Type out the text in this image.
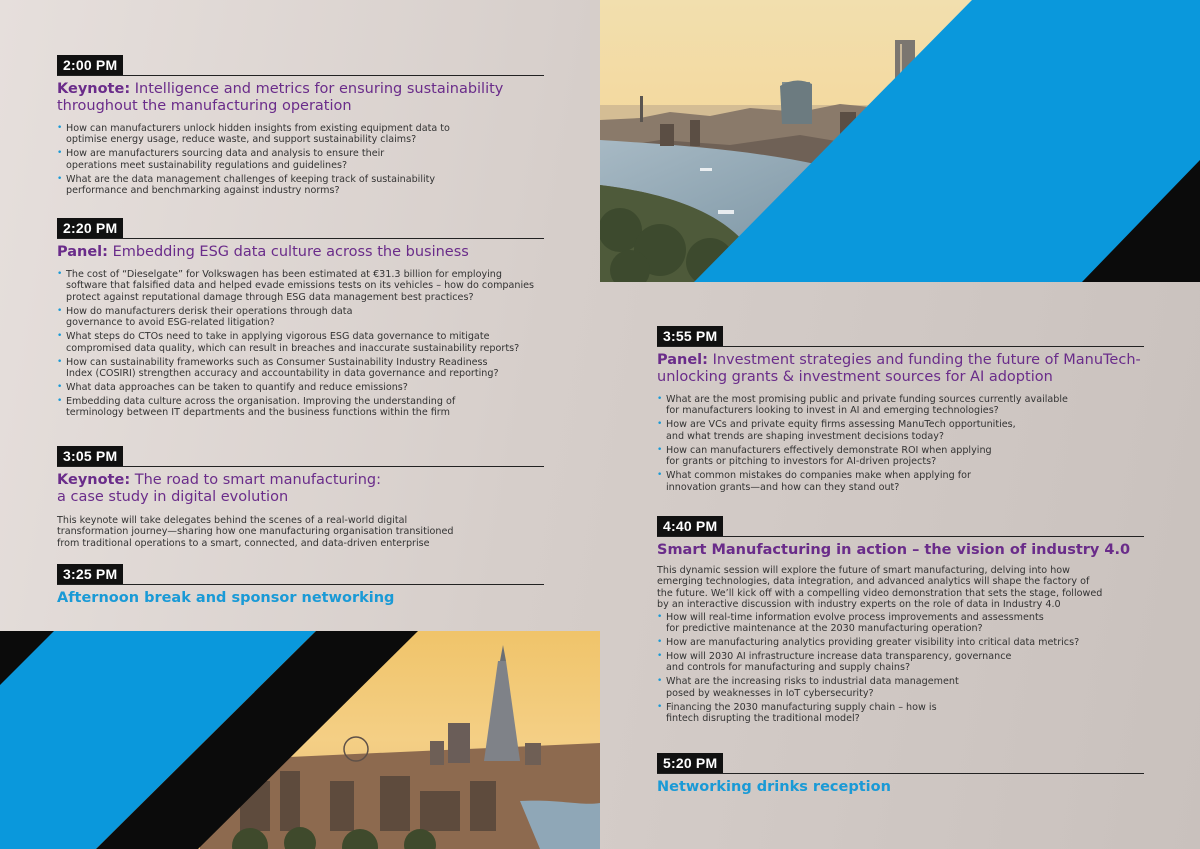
2:00 PM
Keynote: Intelligence and metrics for ensuring sustainability throughout the manufacturing operation
• How can manufacturers unlock hidden insights from existing equipment data to
optimise energy usage, reduce waste, and support sustainability claims?
• How are manufacturers sourcing data and analysis to ensure their
operations meet sustainability regulations and guidelines?
• What are the data management challenges of keeping track of sustainability
performance and benchmarking against industry norms?
2:20 PM
Panel: Embedding ESG data culture across the business
• The cost of “Dieselgate” for Volkswagen has been estimated at €31.3 billion for employing
software that falsified data and helped evade emissions tests on its vehicles – how do companies
protect against reputational damage through ESG data management best practices?
• How do manufacturers derisk their operations through data
governance to avoid ESG-related litigation?
• What steps do CTOs need to take in applying vigorous ESG data governance to mitigate
compromised data quality, which can result in breaches and inaccurate sustainability reports?
• How can sustainability frameworks such as Consumer Sustainability Industry Readiness
Index (COSIRI) strengthen accuracy and accountability in data governance and reporting?
• What data approaches can be taken to quantify and reduce emissions?
• Embedding data culture across the organisation. Improving the understanding of
terminology between IT departments and the business functions within the firm
3:05 PM
Keynote: The road to smart manufacturing:
a case study in digital evolution

This keynote will take delegates behind the scenes of a real-world digital
transformation journey—sharing how one manufacturing organisation transitioned
from traditional operations to a smart, connected, and data-driven enterprise

3:25 PM
Afternoon break and sponsor networking
3:55 PM
Panel: Investment strategies and funding the future of ManuTech-
unlocking grants & investment sources for AI adoption
• What are the most promising public and private funding sources currently available
for manufacturers looking to invest in AI and emerging technologies?
• How are VCs and private equity firms assessing ManuTech opportunities,
and what trends are shaping investment decisions today?
• How can manufacturers effectively demonstrate ROI when applying
for grants or pitching to investors for AI-driven projects?
• What common mistakes do companies make when applying for
innovation grants—and how can they stand out?
4:40 PM
Smart Manufacturing in action – the vision of industry 4.0

This dynamic session will explore the future of smart manufacturing, delving into how
emerging technologies, data integration, and advanced analytics will shape the factory of
the future. We’ll kick off with a compelling video demonstration that sets the stage, followed
by an interactive discussion with industry experts on the role of data in Industry 4.0

• How will real-time information evolve process improvements and assessments
for predictive maintenance at the 2030 manufacturing operation?
• How are manufacturing analytics providing greater visibility into critical data metrics?
• How will 2030 AI infrastructure increase data transparency, governance
and controls for manufacturing and supply chains?
• What are the increasing risks to industrial data management
posed by weaknesses in IoT cybersecurity?
• Financing the 2030 manufacturing supply chain – how is
fintech disrupting the traditional model?
5:20 PM
Networking drinks reception
